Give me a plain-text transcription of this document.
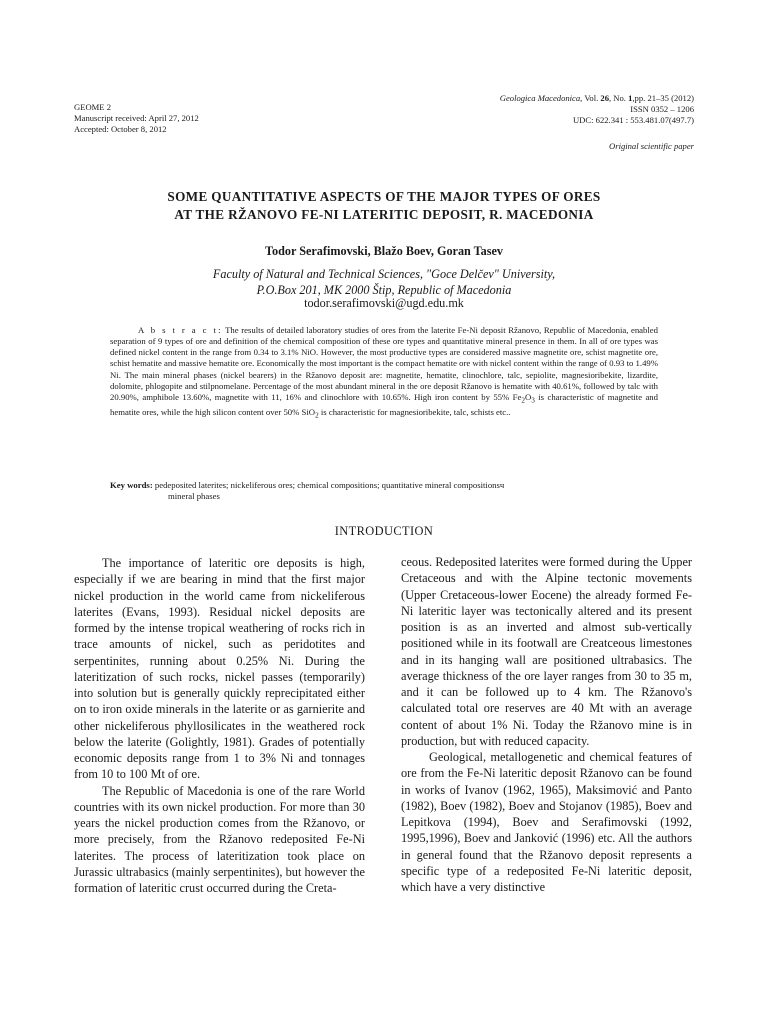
GEOME 2
Manuscript received: April 27, 2012
Accepted: October 8, 2012
Geologica Macedonica, Vol. 26, No. 1,pp. 21–35 (2012)
ISSN 0352 – 1206
UDC: 622.341 : 553.481.07(497.7)
Original scientific paper
SOME QUANTITATIVE ASPECTS OF THE MAJOR TYPES OF ORES
AT THE RŽANOVO FE-NI LATERITIC DEPOSIT, R. MACEDONIA
Todor Serafimovski, Blažo Boev, Goran Tasev
Faculty of Natural and Technical Sciences, "Goce Delčev" University,
P.O.Box 201, MK 2000 Štip, Republic of Macedonia
todor.serafimovski@ugd.edu.mk
A b s t r a c t: The results of detailed laboratory studies of ores from the laterite Fe-Ni deposit Ržanovo, Republic of Macedonia, enabled separation of 9 types of ore and definition of the chemical composition of these ore types and quantitative mineral presence in them. In all of ore types was defined nickel content in the range from 0.34 to 3.1% NiO. However, the most productive types are considered massive magnetite ore, schist magnetite ore, schist hematite and massive hematite ore. Economically the most important is the compact hematite ore with nickel content within the range of 0.93 to 1.49% Ni. The main mineral phases (nickel bearers) in the Ržanovo deposit are: magnetite, hematite, clinochlore, talc, sepiolite, magnesioribekite, lizardite, dolomite, phlogopite and stilpnomelane. Percentage of the most abundant mineral in the ore deposit Ržanovo is hematite with 40.61%, followed by talc with 20.90%, amphibole 13.60%, magnetite with 11, 16% and clinochlore with 10.65%. High iron content by 55% $Fe_2O_3$ is characteristic of magnetite and hematite ores, while the high silicon content over 50% SiO$_2$ is characteristic for magnesioribekite, talc, schists etc..
Key words: pedeposited laterites; nickeliferous ores; chemical compositions; quantitative mineral compositionsч
mineral phases
INTRODUCTION

The importance of lateritic ore deposits is high, especially if we are bearing in mind that the first major nickel production in the world came from nickeliferous laterites (Evans, 1993). Residual nickel deposits are formed by the intense tropical weathering of rocks rich in trace amounts of nickel, such as peridotites and serpentinites, running about 0.25% Ni. During the lateritization of such rocks, nickel passes (temporarily) into solution but is generally quickly reprecipitated either on to iron oxide minerals in the laterite or as garnierite and other nickeliferous phyllosilicates in the weathered rock below the laterite (Golightly, 1981). Grades of potentially economic deposits range from 1 to 3% Ni and tonnages from 10 to 100 Mt of ore.

The Republic of Macedonia is one of the rare World countries with its own nickel production. For more than 30 years the nickel production comes from the Ržanovo, or more precisely, from the Ržanovo redeposited Fe-Ni laterites. The process of lateritization took place on Jurassic ultrabasics (mainly serpentinites), but however the formation of lateritic crust occurred during the Creta-

ceous. Redeposited laterites were formed during the Upper Cretaceous and with the Alpine tectonic movements (Upper Cretaceous-lower Eocene) the already formed Fe-Ni lateritic layer was tectonically altered and its present position is as an inverted and almost sub-vertically positioned while in its footwall are Creatceous limestones and in its hanging wall are positioned ultrabasics. The average thickness of the ore layer ranges from 30 to 35 m, and it can be followed up to 4 km. The Ržanovo's calculated total ore reserves are 40 Mt with an average content of about 1% Ni. Today the Ržanovo mine is in production, but with reduced capacity.

Geological, metallogenetic and chemical features of ore from the Fe-Ni lateritic deposit Ržanovo can be found in works of Ivanov (1962, 1965), Maksimović and Panto (1982), Boev (1982), Boev and Stojanov (1985), Boev and Lepitkova (1994), Boev and Serafimovski (1992, 1995,1996), Boev and Janković (1996) etc. All the authors in general found that the Ržanovo deposit represents a specific type of a redeposited Fe-Ni lateritic deposit, which have a very distinctive
